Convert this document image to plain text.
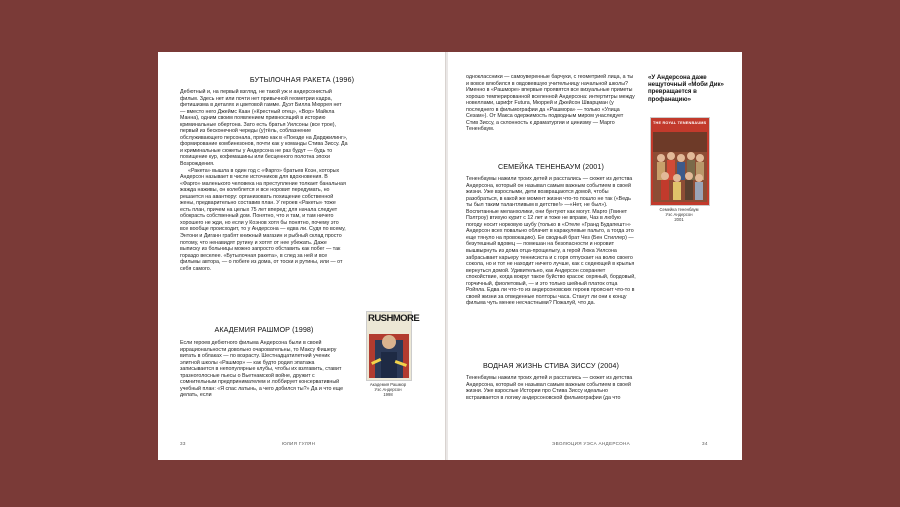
БУТЫЛОЧНАЯ РАКЕТА (1996)

Дебютный и, на первый взгляд, не такой уж и андерсонистый фильм. Здесь нет или почти нет привычной геометрии кадра, фетишизма в деталях и цветовой гамме. Дуэт Билла Мюррея нет — вместо него Джеймс Каан («Крестный отец», «Вор» Майкла Манна), одним своим появлением привносящий в историю криминальные обертона. Зато есть братья Уилсоны (все трое), первый из бесконечной череды (у)тёль, соблазнение обслуживающего персонала, прямо как в «Поезде на Дарджилинг», формирование комбинезонов, почти как у команды Стива Зиссу. Да и криминальные сюжеты у Андерсона не раз будут — будь то похищение кур, кофемашины или бесценного полотна эпохи Возрождения.

«Ракета» вышла в один год с «Фарго» братьев Коэн, которых Андерсон называет в числе источников для вдохновения. В «Фарго» маленького человека на преступление толкает банальная жажда наживы, он колеблется и все норовит передумать, но решается на авантюру: организовать похищение собственной жены, предварительно составив план. У героев «Ракеты» тоже есть план, причем на целых 75 лет вперед; для начала следует обокрасть собственный дом. Понятно, что и там, и там ничего хорошего не жди, но если у Коэнов хотя бы понятно, почему это все вообще происходит, то у Андерсона — едва ли. Судя по всему, Энтони и Диганн грабят книжный магазин и рыбный склад просто потому, что ненавидят рутину и хотят от нее убежать. Даже выписку из больницы можно запросто обставить как побег — так гораздо веселее. «Бутылочная ракета», в след за ней и все фильмы автора, — о побеге из дома, от тоски и рутины, или — от себя самого.

АКАДЕМИЯ РАШМОР (1998)

Если героев дебютного фильма Андерсона были в своей иррациональности довольно очаровательны, то Максу Фишеру витать в облаках — по возрасту. Шестнадцатилетний ученик элитной школы «Рашмор» — как будто родил эпатажа записывается в непопулярные клубы, чтобы их взлгавить, ставит тразноголосные пьесы о Вьетнамской войне, дружит с сомнительным предпринимателем и лоббирует консервативный учебный план: «Я спас латынь, а чего добился ты?» Да и что еще делать, если

RUSHMORE
Академия Рашмор
Уэс Андерсон
1998
33	ЮЛИЯ ГУЛЯН

одноклассники — самоуверенные барчуки, с геометрией лица, а ты и вовсе влюбился в овдовевшую учительницу начальной школы? Именно в «Рашморе» впервые проявятся все визуальные приметы хорошо темперированной вселенной Андерсона: интертитры между новеллами, шрифт Futura, Мюррей и Джейсон Шварцман (у последнего в фильмографии да «Рашмора» — только «Улица Сезам»). От Макса одержимость подводным миром унаследует Стив Зиссу, а склонность к драматургии и цинизму — Марго Тененбаум.

СЕМЕЙКА ТЕНЕНБАУМ (2001)

Тененбаумы нажили троих детей и расстались — сюжет из детства Андерсона, который он называл самым важным событием в своей жизни. Уже взрослыми, дети возвращаются домой, чтобы разобраться, в какой же момент жизни что-то пошло не так («Ведь ты был таким талантливым в детстве!» —«Нет, не был»). Воспитанные меланхолики, они бунтуют как могут. Марго (Гвинет Пэлтроу) втихую курит с 12 лет и тоже не вправе, Чаз в любую погоду носит норковую шубу (только в «Отеле «Гранд Будапешт»» Андерсон всех повально облачит в каракулевые пальто, а тогда это еще тянуло на провокацию). Ее сводный брат Чез (Бен Стиллер) — безутешный вдовец — помешан на безопасности и норовит вышвырнуть из дома отца-прощелыгу, а герой Люка Уилсона забрасывает карьеру теннисиста и с горя отпускает на волю своего сокола, но и тот не находит ничего лучше, как с седеющей в крылья вернуться домой. Удивительно, как Андерсон сохраняет спокойствие, когда вокруг такое буйство красок: охряный, бордовый, горчичный, фиолетовый, — и это только шейный платок отца Ройяла. Едва ли что-то из андерсоновских героев прояснит что-то в своей жизни за отведенные полторы часа. Станут ли они к концу фильма чуть менее несчастными? Пожалуй, что да.

ВОДНАЯ ЖИЗНЬ СТИВА ЗИССУ (2004)

Тененбаумы нажили троих детей и расстались — сюжет из детства Андерсона, который он называл самым важным событием в своей жизни. Уже взрослые Истории про Стива Зиссу идеально встраивается в логику андерсоновской фильмографии (да что

«У Андерсона даже нещуточный «Моби Дик» превращается в профанацию»
THE ROYAL TENENBAUMS
Семейка тененбаум
Уэс Андерсон
2001
ЭВОЛЮЦИЯ УЭСА АНДЕРСОНА	34
